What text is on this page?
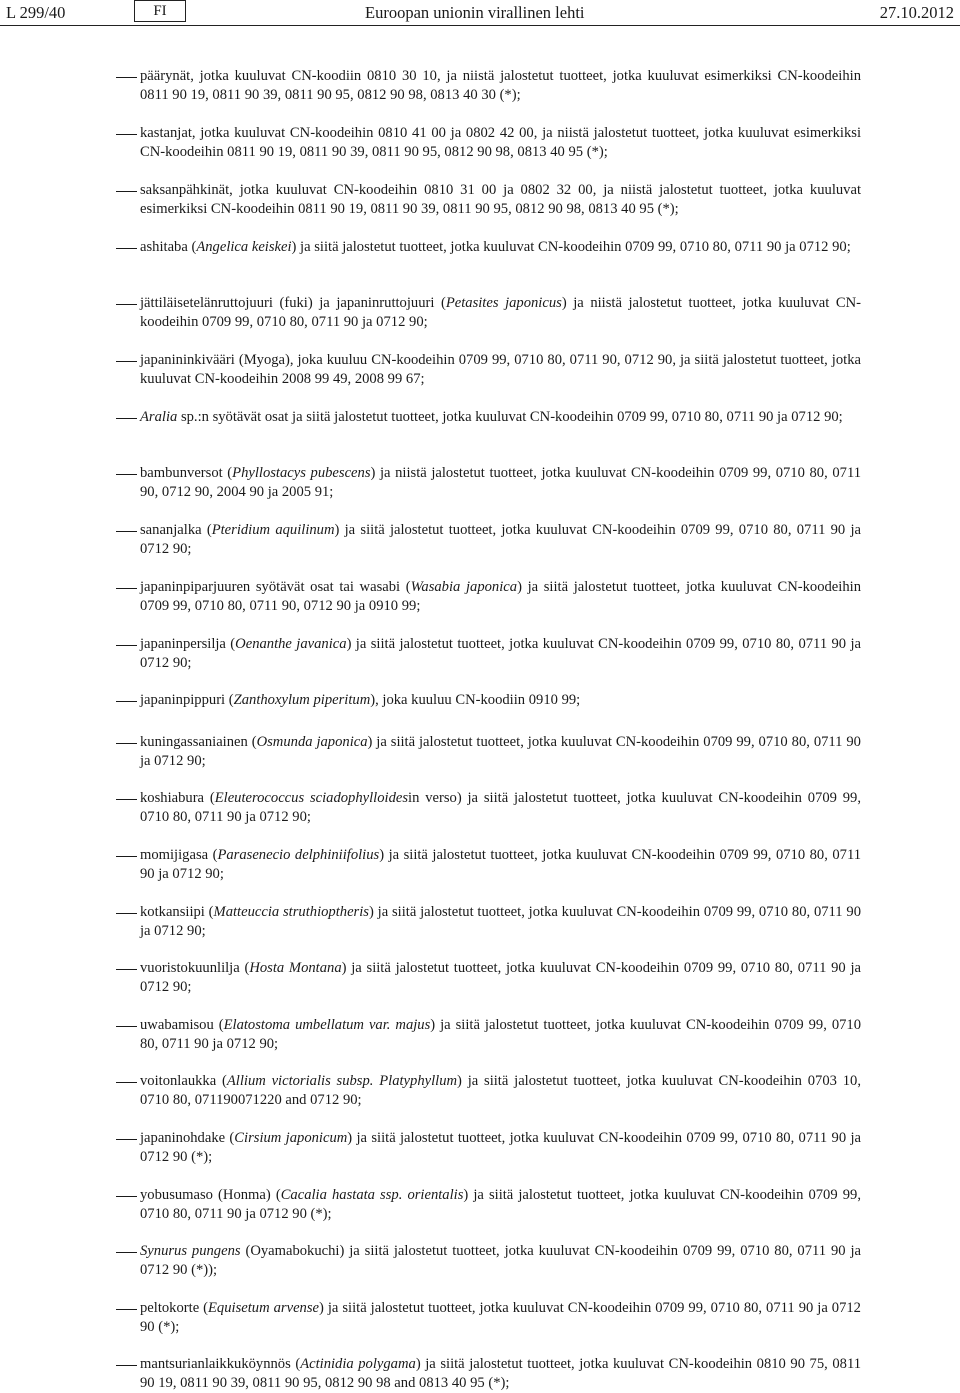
L 299/40	FI	Euroopan unionin virallinen lehti	27.10.2012
päärynät, jotka kuuluvat CN-koodiin 0810 30 10, ja niistä jalostetut tuotteet, jotka kuuluvat esimerkiksi CN-koodeihin 0811 90 19, 0811 90 39, 0811 90 95, 0812 90 98, 0813 40 30 (*);
kastanjat, jotka kuuluvat CN-koodeihin 0810 41 00 ja 0802 42 00, ja niistä jalostetut tuotteet, jotka kuuluvat esimerkiksi CN-koodeihin 0811 90 19, 0811 90 39, 0811 90 95, 0812 90 98, 0813 40 95 (*);
saksanpähkinät, jotka kuuluvat CN-koodeihin 0810 31 00 ja 0802 32 00, ja niistä jalostetut tuotteet, jotka kuuluvat esimerkiksi CN-koodeihin 0811 90 19, 0811 90 39, 0811 90 95, 0812 90 98, 0813 40 95 (*);
ashitaba (Angelica keiskei) ja siitä jalostetut tuotteet, jotka kuuluvat CN-koodeihin 0709 99, 0710 80, 0711 90 ja 0712 90;
jättiläisetelänruttojuuri (fuki) ja japaninruttojuuri (Petasites japonicus) ja niistä jalostetut tuotteet, jotka kuuluvat CN-koodeihin 0709 99, 0710 80, 0711 90 ja 0712 90;
japanininkivääri (Myoga), joka kuuluu CN-koodeihin 0709 99, 0710 80, 0711 90, 0712 90, ja siitä jalostetut tuotteet, jotka kuuluvat CN-koodeihin 2008 99 49, 2008 99 67;
Aralia sp.:n syötävät osat ja siitä jalostetut tuotteet, jotka kuuluvat CN-koodeihin 0709 99, 0710 80, 0711 90 ja 0712 90;
bambunversot (Phyllostacys pubescens) ja niistä jalostetut tuotteet, jotka kuuluvat CN-koodeihin 0709 99, 0710 80, 0711 90, 0712 90, 2004 90 ja 2005 91;
sananjalka (Pteridium aquilinum) ja siitä jalostetut tuotteet, jotka kuuluvat CN-koodeihin 0709 99, 0710 80, 0711 90 ja 0712 90;
japaninpiparjuuren syötävät osat tai wasabi (Wasabia japonica) ja siitä jalostetut tuotteet, jotka kuuluvat CN-koodeihin 0709 99, 0710 80, 0711 90, 0712 90 ja 0910 99;
japaninpersilja (Oenanthe javanica) ja siitä jalostetut tuotteet, jotka kuuluvat CN-koodeihin 0709 99, 0710 80, 0711 90 ja 0712 90;
japaninpippuri (Zanthoxylum piperitum), joka kuuluu CN-koodiin 0910 99;
kuningassaniainen (Osmunda japonica) ja siitä jalostetut tuotteet, jotka kuuluvat CN-koodeihin 0709 99, 0710 80, 0711 90 ja 0712 90;
koshiabura (Eleuterococcus sciadophylloidesin verso) ja siitä jalostetut tuotteet, jotka kuuluvat CN-koodeihin 0709 99, 0710 80, 0711 90 ja 0712 90;
momijigasa (Parasenecio delphiniifolius) ja siitä jalostetut tuotteet, jotka kuuluvat CN-koodeihin 0709 99, 0710 80, 0711 90 ja 0712 90;
kotkansiipi (Matteuccia struthioptheris) ja siitä jalostetut tuotteet, jotka kuuluvat CN-koodeihin 0709 99, 0710 80, 0711 90 ja 0712 90;
vuoristokuunlilja (Hosta Montana) ja siitä jalostetut tuotteet, jotka kuuluvat CN-koodeihin 0709 99, 0710 80, 0711 90 ja 0712 90;
uwabamisou (Elatostoma umbellatum var. majus) ja siitä jalostetut tuotteet, jotka kuuluvat CN-koodeihin 0709 99, 0710 80, 0711 90 ja 0712 90;
voitonlaukka (Allium victorialis subsp. Platyphyllum) ja siitä jalostetut tuotteet, jotka kuuluvat CN-koodeihin 0703 10, 0710 80, 071190071220 and 0712 90;
japaninohdake (Cirsium japonicum) ja siitä jalostetut tuotteet, jotka kuuluvat CN-koodeihin 0709 99, 0710 80, 0711 90 ja 0712 90 (*);
yobusumaso (Honma) (Cacalia hastata ssp. orientalis) ja siitä jalostetut tuotteet, jotka kuuluvat CN-koodeihin 0709 99, 0710 80, 0711 90 ja 0712 90 (*);
Synurus pungens (Oyamabokuchi) ja siitä jalostetut tuotteet, jotka kuuluvat CN-koodeihin 0709 99, 0710 80, 0711 90 ja 0712 90 (*));
peltokorte (Equisetum arvense) ja siitä jalostetut tuotteet, jotka kuuluvat CN-koodeihin 0709 99, 0710 80, 0711 90 ja 0712 90 (*);
mantsurianlaikkuköynnös (Actinidia polygama) ja siitä jalostetut tuotteet, jotka kuuluvat CN-koodeihin 0810 90 75, 0811 90 19, 0811 90 39, 0811 90 95, 0812 90 98 and 0813 40 95 (*);
